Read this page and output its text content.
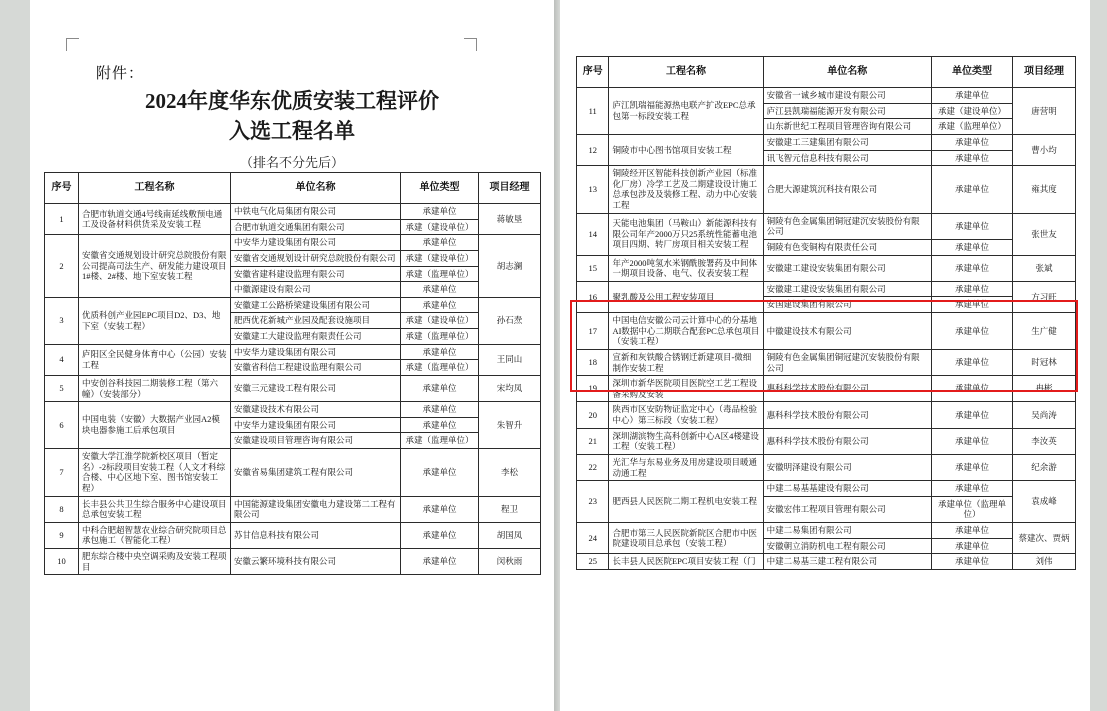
附件：
2024年度华东优质安装工程评价
入选工程名单
（排名不分先后）
序号	工程名称	单位名称	单位类型	项目经理
1	合肥市轨道交通4号线南延线敷预电通工及设备材料供货采及安装工程	中铁电气化局集团有限公司	承建单位	蒋敏垦
		合肥市轨道交通集团有限公司	承建（建设单位）	
2	安徽省交通规划设计研究总院股份有限公司提高司法生产、研发能力建设项目1#楼、2#楼、地下室安装工程	中安华力建设集团有限公司	承建单位	胡志澜
		安徽省交通规划设计研究总院股份有限公司	承建（建设单位）	
		安徽省建科建设监理有限公司	承建（监理单位）	
		中徽源建设有限公司	承建单位	
3	优质科创产业园EPC项目D2、D3、地下室（安装工程）	安徽建工公路桥梁建设集团有限公司	承建单位	孙石焘
		肥西优花新城产业园及配套设施项目	承建（建设单位）	
		安徽建工大建设监理有限责任公司	承建（监理单位）	
4	庐阳区全民健身体育中心（公园）安装工程	中安华力建设集团有限公司	承建单位	王同山
		安徽省科信工程建设监理有限公司	承建（监理单位）	
5	中安创谷科技园二期装修工程（第六幢）（安装部分）	安徽三元建设工程有限公司	承建单位	宋均凤
6	中国电装（安徽）大数据产业园A2模块电器参施工后承包项目	安徽建设技术有限公司	承建单位	朱智升
		中安华力建设集团有限公司	承建单位	
		安徽建设项目管理咨询有限公司	承建（监理单位）	
7	安徽大学江淮学院新校区项目（暂定名）-2标段项目安装工程（人文才科综合楼、中心区地下室、图书馆安装工程）	安徽省易集团建筑工程有限公司	承建单位	李松
8	长丰县公共卫生综合服务中心建设项目总承包安装工程	中国能源建设集团安徽电力建设第二工程有限公司	承建单位	程卫
9	中科合肥超智慧农业综合研究院项目总承包施工（智能化工程）	苏甘信息科技有限公司	承建单位	胡国凤
10	肥东综合楼中央空调采购及安装工程项目	安徽云繁环境科技有限公司	承建单位	闵秋雨
序号	工程名称	单位名称	单位类型	项目经理
11	庐江凯瑞福能源热电联产扩改EPC总承包第一标段安装工程	安徽省一诚乡城市建设有限公司	承建单位	唐营明
		庐江县凯瑞福能源开发有限公司	承建（建设单位）	
		山东新世纪工程项目管理咨询有限公司	承建（监理单位）	
12	铜陵市中心图书馆项目安装工程	安徽建工三建集团有限公司	承建单位	曹小均
		讯飞智元信息科技有限公司	承建单位	
13	铜陵经开区智能科技创新产业园（标准化厂房）冷学工艺及二期建设设计施工总承包涉及及装修工程、动力中心安装工程	合肥大源建筑沉科技有限公司	承建单位	雍其度
14	天能电池集团（马鞍山）新能源科技有限公司年产2000万只25系统性能蓄电池项目四期、转厂房项目相关安装工程	铜陵有色金属集团铜冠建沉安装股份有限公司	承建单位	张世友
		铜陵有色变铜构有限责任公司	承建单位	
15	年产2000吨氢水米钢酰胺署药及中间体一期项目设备、电气、仪表安装工程	安徽建工建设安装集团有限公司	承建单位	张斌
16	聚乳酸及公用工程安装项目	安徽建工建设安装集团有限公司	承建单位	方习旺
		安国建设集团有限公司	承建单位	
17	中国电信安徽公司云计算中心的分基地AI数据中心二期联合配套PC总承包项目（安装工程）	中徽建设技术有限公司	承建单位	生广健
18	宣新和灰铁酸合锈钢迁新建项目-微细制作安装工程	铜陵有色金属集团铜冠建沉安装股份有限公司	承建单位	时冠林
19	深圳市新华医院项目医院空工艺工程设备采购及安装	惠科科学技术股份有限公司	承建单位	冉彬
20	陕西市区安防物证监定中心（毒品检验中心）第三标段（安装工程）	惠科科学技术股份有限公司	承建单位	吴尚涛
21	深圳湖滨物生高科创新中心A区4楼建设工程（安装工程）	惠科科学技术股份有限公司	承建单位	李汝英
22	光汇华与东易业务及用房建设项目暖通动通工程	安徽明泽建设有限公司	承建单位	纪余游
23	肥西县人民医院二期工程机电安装工程	中建二易基基建设有限公司	承建单位	袁成峰
		安徽宏伟工程项目管理有限公司	承建单位（监理单位）	
24	合肥市第三人民医院新院区合肥市中医院建设项目总承包（安装工程）	中建二易集团有限公司	承建单位	蔡建次、贾炳
		安徽朝立消防机电工程有限公司	承建单位	
25	长丰县人民医院EPC项目安装工程（门	中建二易基三建工程有限公司	承建单位	刘伟
